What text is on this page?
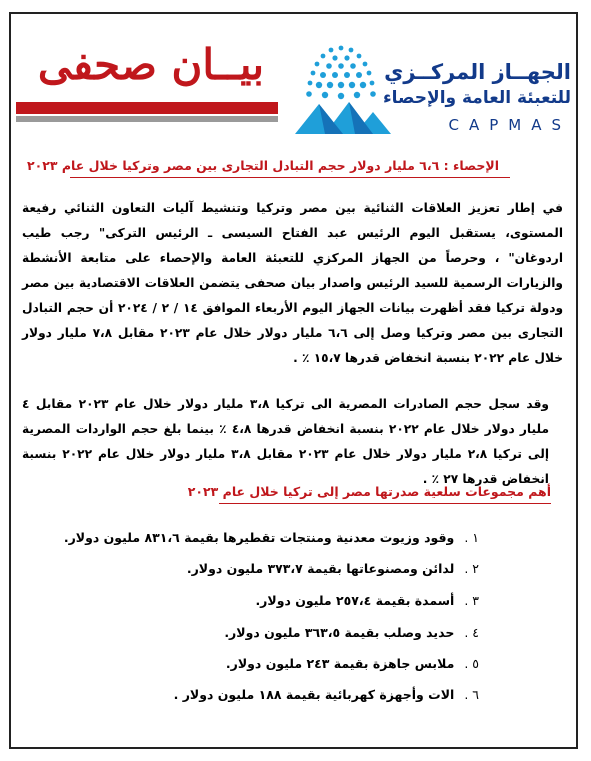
بيــان صحفى	الجهــاز المركــزي
للتعبئة العامة والإحصاء
CAPMAS
الإحصاء : ٦،٦ مليار دولار حجم التبادل التجارى بين مصر وتركيا خلال عام ٢٠٢٣
في إطار تعزيز العلاقات الثنائية بين مصر وتركيا وتنشيط آليات التعاون الثنائي رفيعة المستوى، يستقبل اليوم الرئيس عبد الفتاح السيسى ـ الرئيس التركى" رجب طيب اردوغان" ، وحرصاً من الجهاز المركزي للتعبئة العامة والإحصاء على متابعة الأنشطة والزيارات الرسمية للسيد الرئيس واصدار بيان صحفى يتضمن العلاقات الاقتصادية بين مصر ودولة تركيا فقد أظهرت بيانات الجهاز اليوم الأربعاء الموافق ١٤ / ٢ / ٢٠٢٤ أن حجم التبادل التجارى بين مصر وتركيا وصل إلى ٦،٦ مليار دولار خلال عام ٢٠٢٣ مقابل ٧،٨ مليار دولار خلال عام ٢٠٢٢ بنسبة انخفاض قدرها ١٥،٧ ٪ .
وقد سجل حجم الصادرات المصرية الى تركيا ٣،٨ مليار دولار خلال عام ٢٠٢٣ مقابل ٤ مليار دولار خلال عام ٢٠٢٢ بنسبة انخفاض قدرها ٤،٨ ٪ بينما بلغ حجم الواردات المصرية إلى تركيا ٢،٨ مليار دولار خلال عام ٢٠٢٣ مقابل ٣،٨ مليار دولار خلال عام ٢٠٢٢ بنسبة انخفاض قدرها ٢٧ ٪ .
أهم مجموعات سلعية صدرتها مصر إلى تركيا خلال عام ٢٠٢٣
١ .وقود وزيوت معدنية ومنتجات تقطيرها بقيمة ٨٣١،٦ مليون دولار.
٢ .لدائن ومصنوعاتها بقيمة ٣٧٣،٧ مليون دولار.
٣ .أسمدة بقيمة ٢٥٧،٤ مليون دولار.
٤ .حديد وصلب بقيمة ٣٦٣،٥ مليون دولار.
٥ .ملابس جاهزة بقيمة ٢٤٣ مليون دولار.
٦ .الات وأجهزة كهربائية بقيمة ١٨٨ مليون دولار .
